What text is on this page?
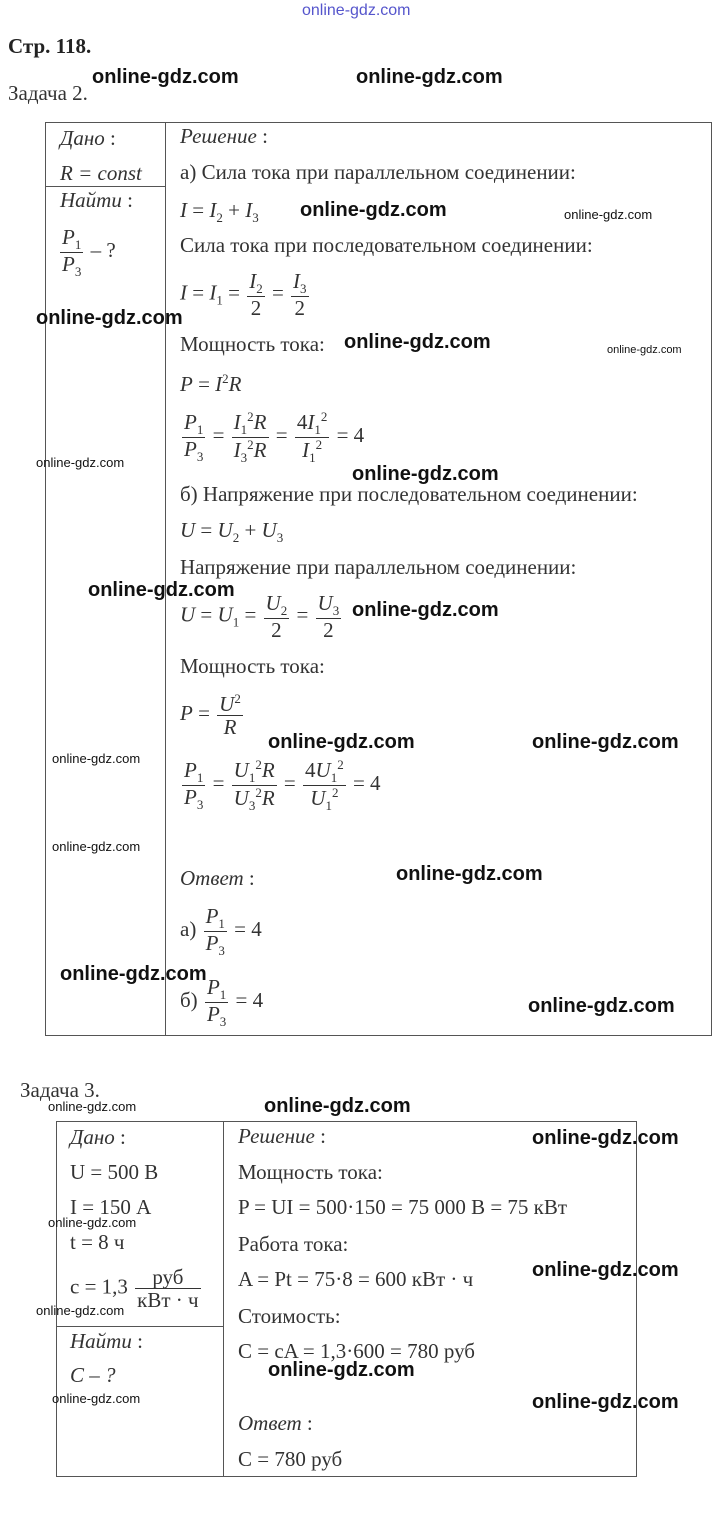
online-gdz.com
Стр. 118.
Задача 2.
Дано :
R = const
Найти :
$\frac{P_1}{P_3}$ – ?
Решение :
а) Сила тока при параллельном соединении:
$I = I_2 + I_3$
Сила тока при последовательном соединении:
$I = I_1 = \frac{I_2}{2} = \frac{I_3}{2}$
Мощность тока:
$P = I^2R$
$\frac{P_1}{P_3} = \frac{I_1^2R}{I_3^2R} = \frac{4I_1^2}{I_1^2} = 4$
б) Напряжение при последовательном соединении:
$U = U_2 + U_3$
Напряжение при параллельном соединении:
$U = U_1 = \frac{U_2}{2} = \frac{U_3}{2}$
Мощность тока:
$P = \frac{U^2}{R}$
$\frac{P_1}{P_3} = \frac{U_1^2R}{U_3^2R} = \frac{4U_1^2}{U_1^2} = 4$
Ответ :
$а) \frac{P_1}{P_3} = 4$
$б) \frac{P_1}{P_3} = 4$
Задача 3.
Дано :
U = 500 В
I = 150 А
t = 8 ч
$c = 1,3 \frac{\text{руб}}{\text{кВт · ч}}$
Найти :
C – ?
Решение :
Мощность тока:
P = UI = 500·150 = 75 000 В = 75 кВт
Работа тока:
A = Pt = 75·8 = 600 кВт · ч
Стоимость:
C = cA = 1,3·600 = 780 руб
Ответ :
C = 780 руб
online-gdz.com	online-gdz.com
online-gdz.com	online-gdz.com
online-gdz.com
online-gdz.com	online-gdz.com
online-gdz.com
online-gdz.com
online-gdz.com
online-gdz.com
online-gdz.com	online-gdz.com
online-gdz.com
online-gdz.com
online-gdz.com
online-gdz.com
online-gdz.com
online-gdz.com	online-gdz.com
online-gdz.com
online-gdz.com
online-gdz.com
online-gdz.com
online-gdz.com
online-gdz.com	online-gdz.com
